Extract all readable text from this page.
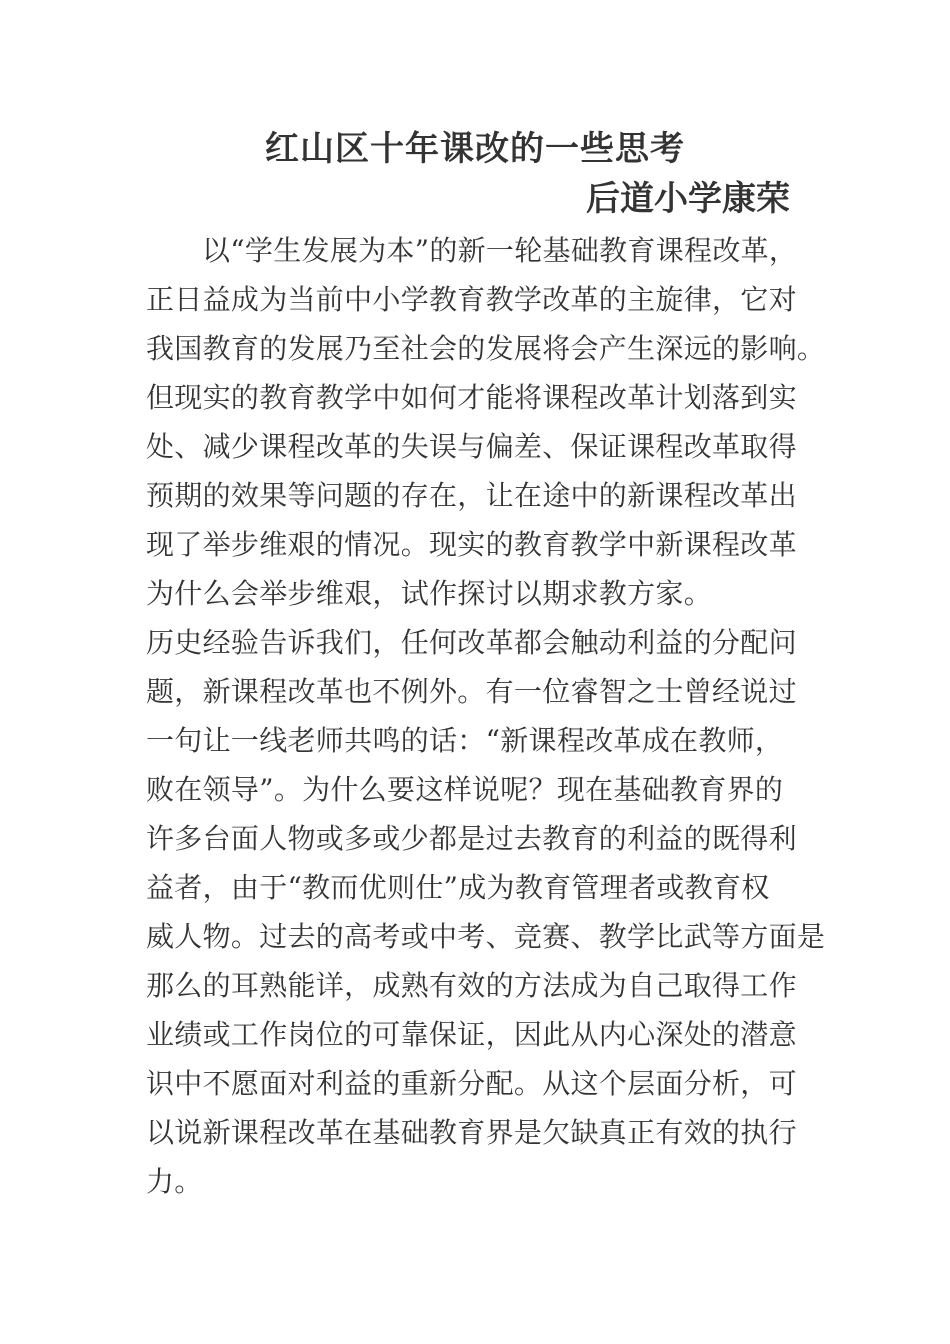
红山区十年课改的一些思考
后道小学康荣
以“学生发展为本”的新一轮基础教育课程改革，
正日益成为当前中小学教育教学改革的主旋律，它对
我国教育的发展乃至社会的发展将会产生深远的影响。
但现实的教育教学中如何才能将课程改革计划落到实
处、减少课程改革的失误与偏差、保证课程改革取得
预期的效果等问题的存在，让在途中的新课程改革出
现了举步维艰的情况。现实的教育教学中新课程改革
为什么会举步维艰，试作探讨以期求教方家。
历史经验告诉我们，任何改革都会触动利益的分配问
题，新课程改革也不例外。有一位睿智之士曾经说过
一句让一线老师共鸣的话：“新课程改革成在教师，
败在领导”。为什么要这样说呢？现在基础教育界的
许多台面人物或多或少都是过去教育的利益的既得利
益者，由于“教而优则仕”成为教育管理者或教育权
威人物。过去的高考或中考、竞赛、教学比武等方面是
那么的耳熟能详，成熟有效的方法成为自己取得工作
业绩或工作岗位的可靠保证，因此从内心深处的潜意
识中不愿面对利益的重新分配。从这个层面分析，可
以说新课程改革在基础教育界是欠缺真正有效的执行
力。
